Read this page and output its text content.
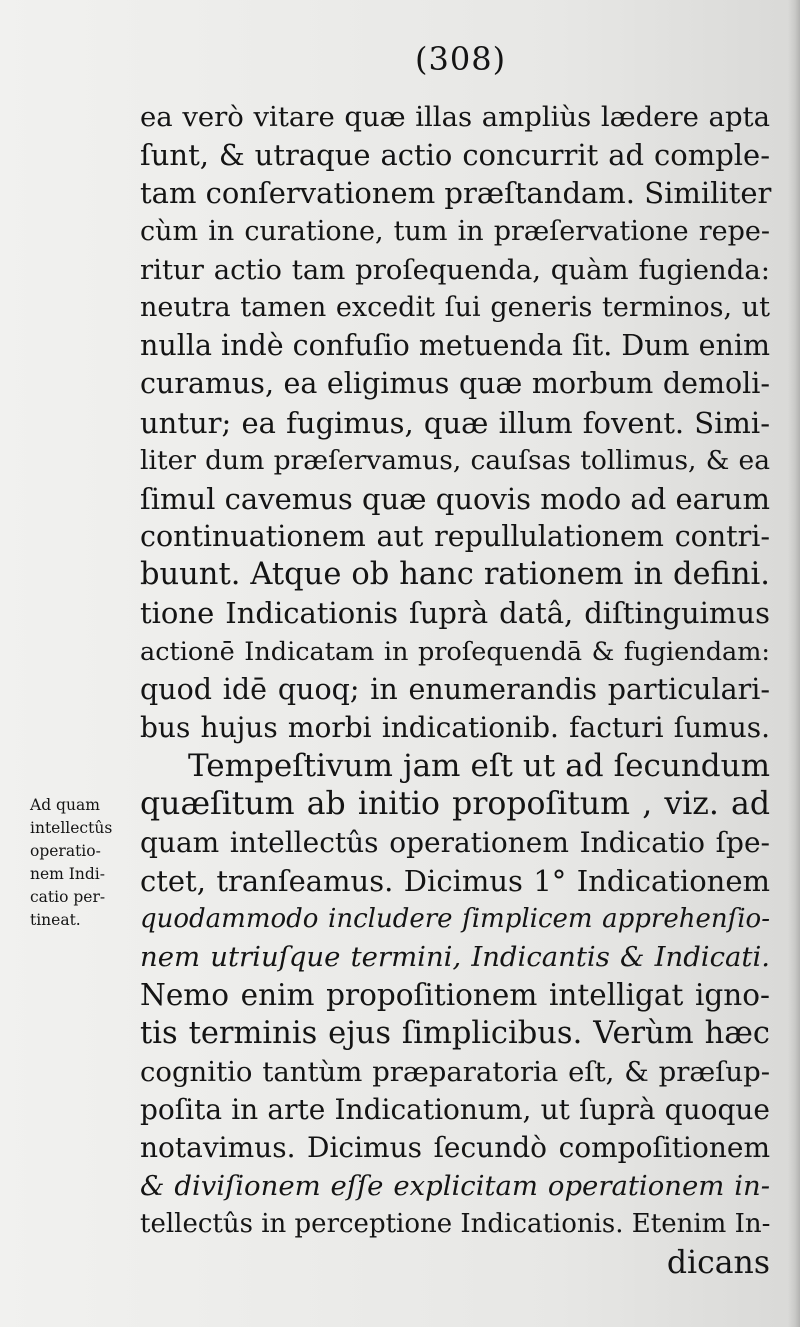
(308)
Ad quam
intellectûs
operatio-
nem Indi-
catio per-
tineat.
ea verò vitare quæ illas ampliùs lædere apta
ſunt, & utraque actio concurrit ad comple-
tam conſervationem præſtandam. Similiter
cùm in curatione, tum in præſervatione repe-
ritur actio tam proſequenda, quàm fugienda:
neutra tamen excedit ſui generis terminos, ut
nulla indè confuſio metuenda ſit. Dum enim
curamus, ea eligimus quæ morbum demoli-
untur; ea fugimus, quæ illum fovent. Simi-
liter dum præſervamus, cauſsas tollimus, & ea
ſimul cavemus quæ quovis modo ad earum
continuationem aut repullulationem contri-
buunt. Atque ob hanc rationem in defini.
tione Indicationis ſuprà datâ, diſtinguimus
actionē Indicatam in proſequendā & fugiendam:
quod idē quoq; in enumerandis particulari-
bus hujus morbi indicationib. facturi ſumus.
Tempeſtivum jam eſt ut ad ſecundum
quæſitum ab initio propoſitum , viz. ad
quam intellectûs operationem Indicatio ſpe-
ctet, tranſeamus. Dicimus 1° Indicationem
quodammodo includere ſimplicem apprehenſio-
nem utriuſque termini, Indicantis & Indicati.
Nemo enim propoſitionem intelligat igno-
tis terminis ejus ſimplicibus. Verùm hæc
cognitio tantùm præparatoria eſt, & præſup-
poſita in arte Indicationum, ut ſuprà quoque
notavimus. Dicimus ſecundò compoſitionem
& diviſionem eſſe explicitam operationem in-
tellectûs in perceptione Indicationis. Etenim In-
dicans
